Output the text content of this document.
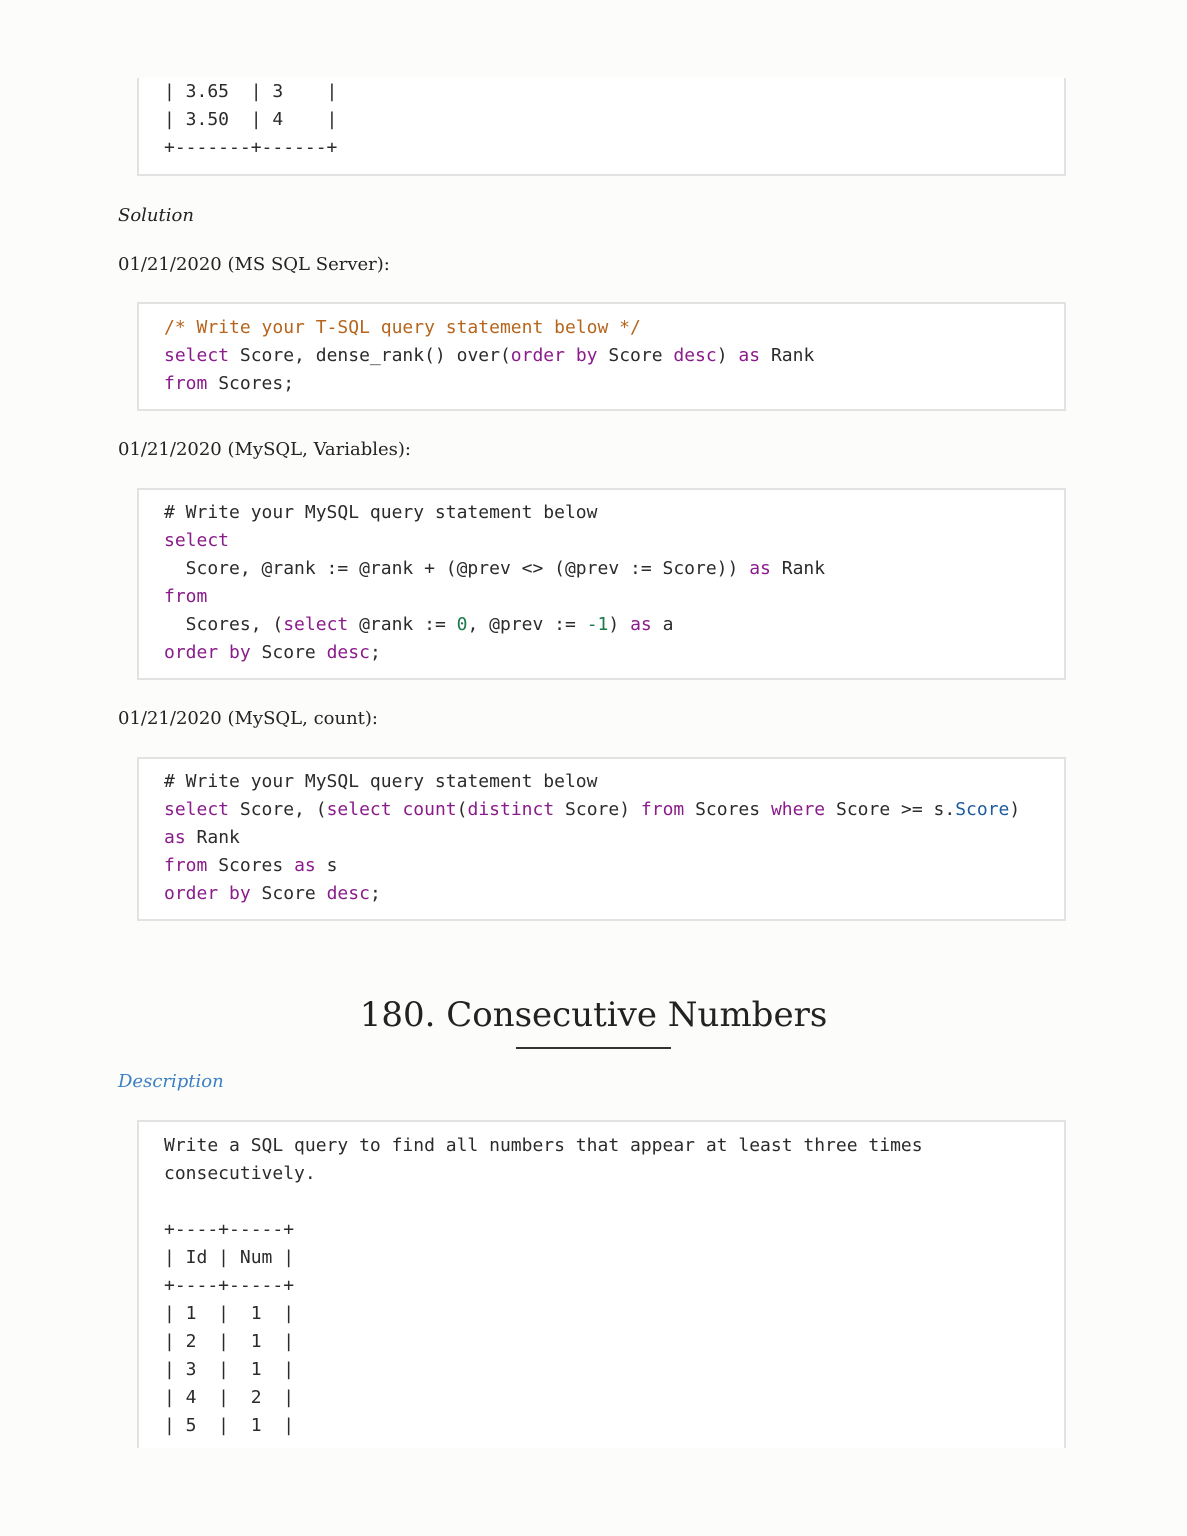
| 3.65  | 3    |
| 3.50  | 4    |
+-------+------+
Solution
01/21/2020 (MS SQL Server):
/* Write your T-SQL query statement below */
select Score, dense_rank() over(order by Score desc) as Rank
from Scores;
01/21/2020 (MySQL, Variables):
# Write your MySQL query statement below
select
Score, @rank := @rank + (@prev <> (@prev := Score)) as Rank
from
Scores, (select @rank := 0, @prev := -1) as a
order by Score desc;
01/21/2020 (MySQL, count):
# Write your MySQL query statement below
select Score, (select count(distinct Score) from Scores where Score >= s.Score)
as Rank
from Scores as s
order by Score desc;
180. Consecutive Numbers
Description
Write a SQL query to find all numbers that appear at least three times
consecutively.
+----+-----+
| Id | Num |
+----+-----+
| 1  |  1  |
| 2  |  1  |
| 3  |  1  |
| 4  |  2  |
| 5  |  1  |
